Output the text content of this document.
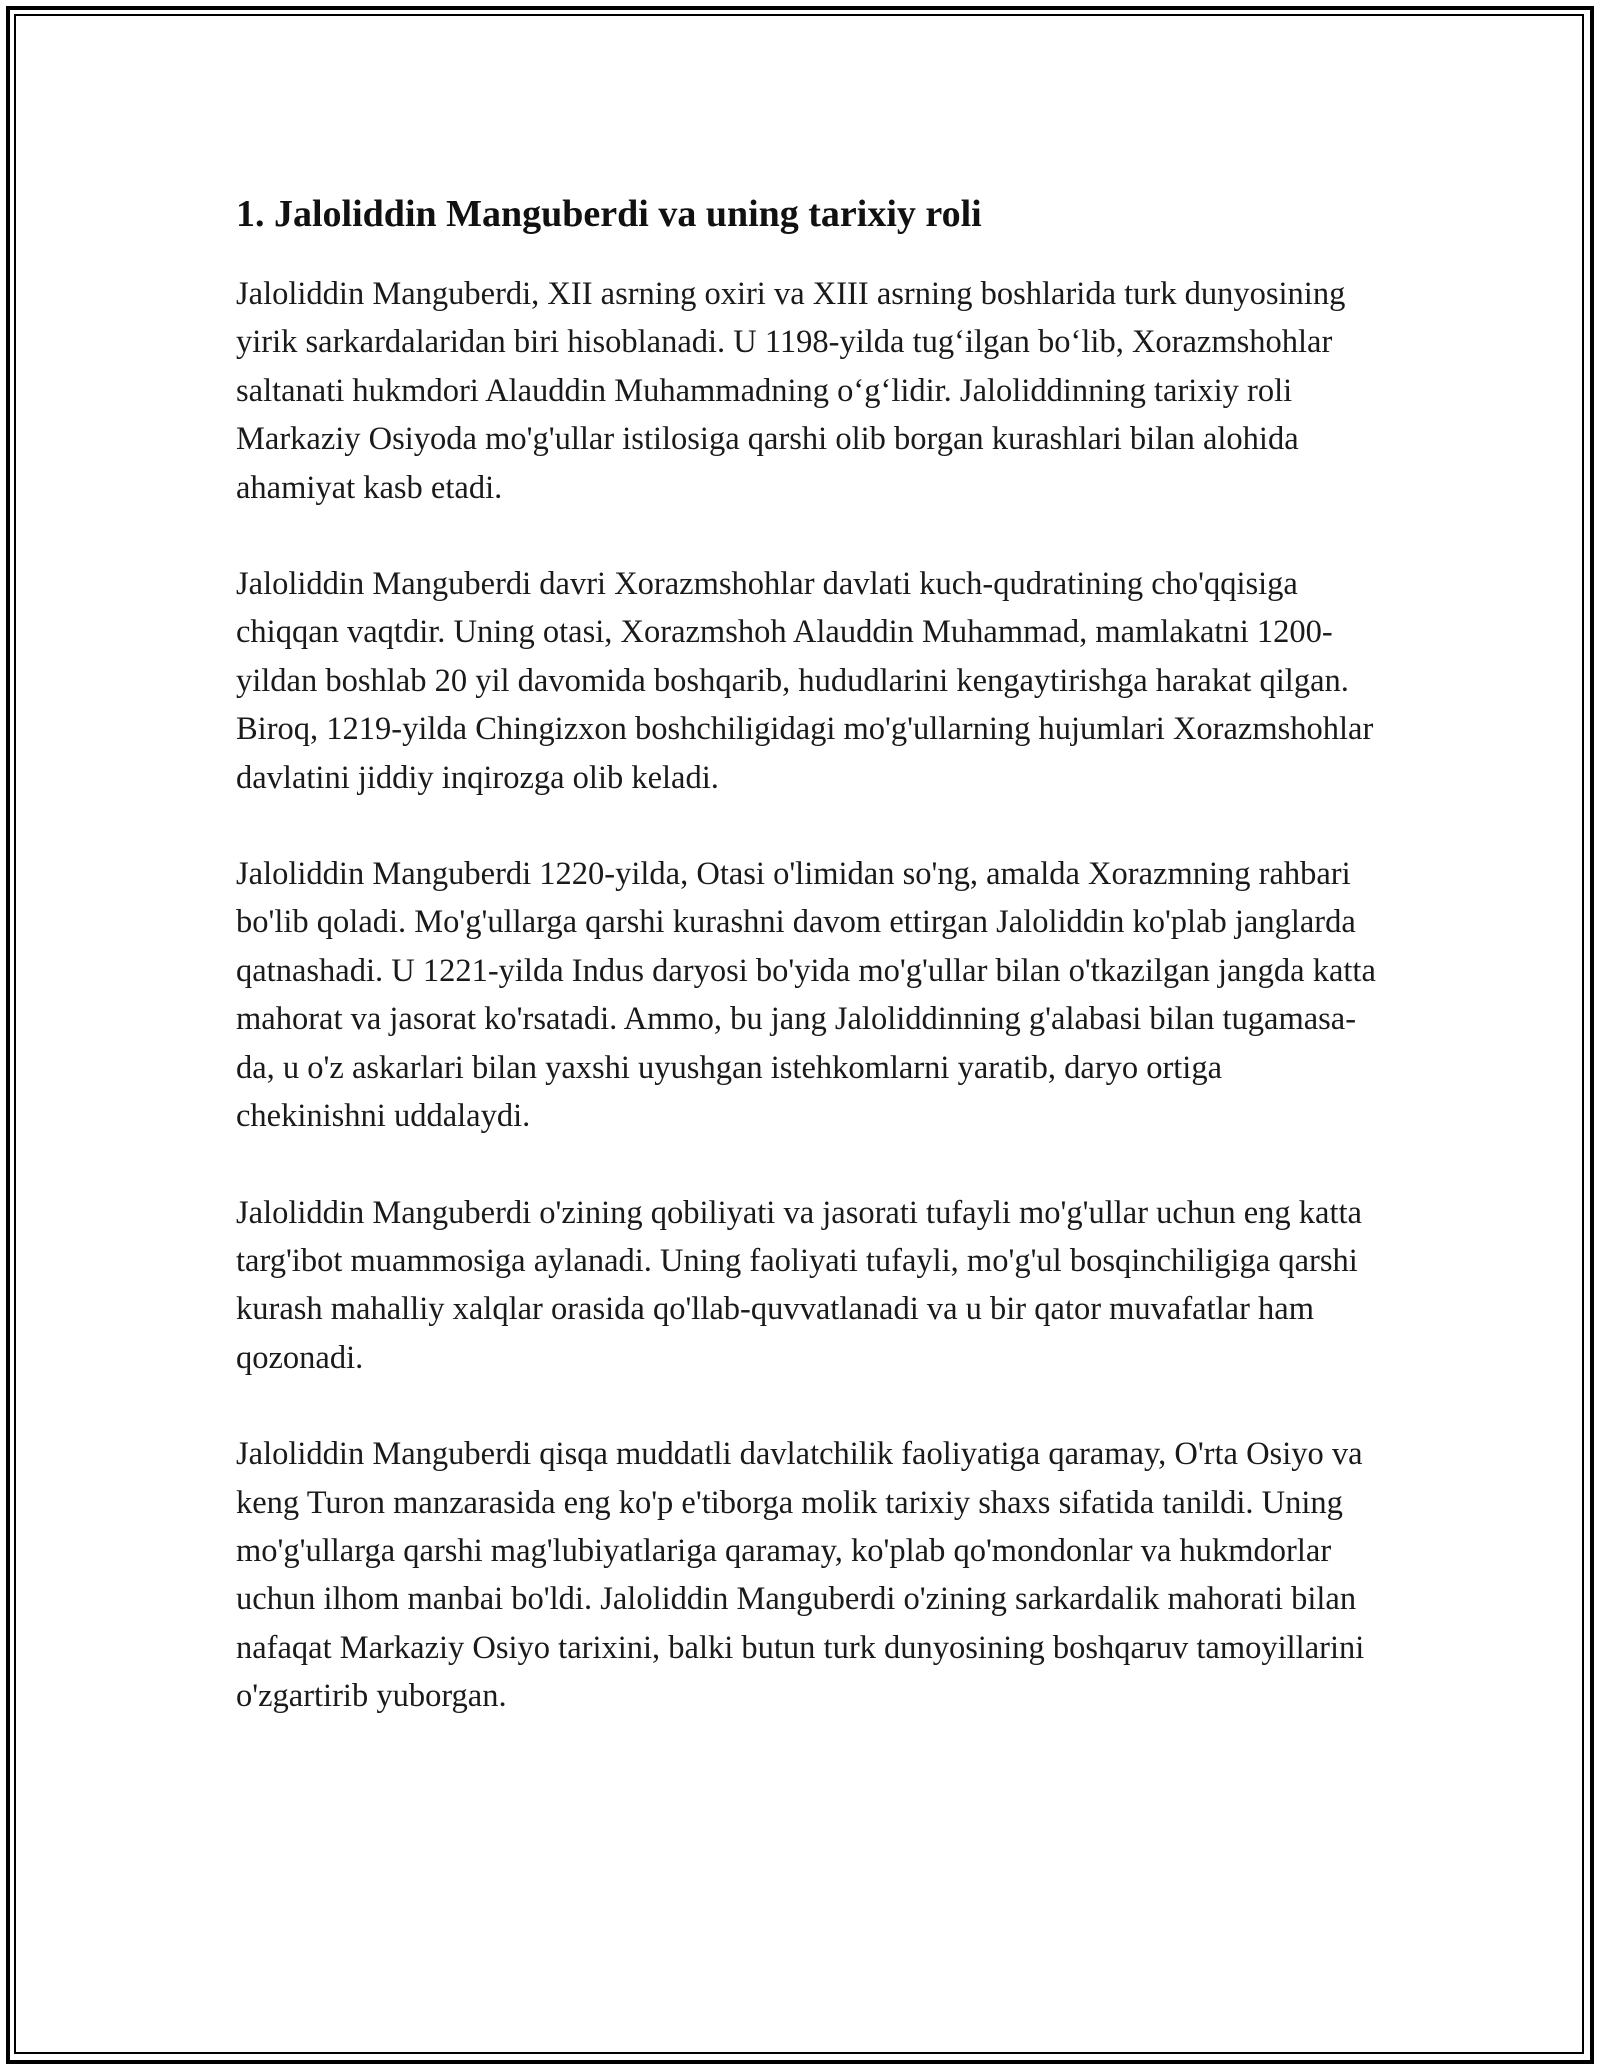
1. Jaloliddin Manguberdi va uning tarixiy roli

Jaloliddin Manguberdi, XII asrning oxiri va XIII asrning boshlarida turk dunyosining yirik sarkardalaridan biri hisoblanadi. U 1198-yilda tug‘ilgan bo‘lib, Xorazmshohlar saltanati hukmdori Alauddin Muhammadning o‘g‘lidir. Jaloliddinning tarixiy roli Markaziy Osiyoda mo'g'ullar istilosiga qarshi olib borgan kurashlari bilan alohida ahamiyat kasb etadi.

Jaloliddin Manguberdi davri Xorazmshohlar davlati kuch-qudratining cho'qqisiga chiqqan vaqtdir. Uning otasi, Xorazmshoh Alauddin Muhammad, mamlakatni 1200-yildan boshlab 20 yil davomida boshqarib, hududlarini kengaytirishga harakat qilgan. Biroq, 1219-yilda Chingizxon boshchiligidagi mo'g'ullarning hujumlari Xorazmshohlar davlatini jiddiy inqirozga olib keladi.

Jaloliddin Manguberdi 1220-yilda, Otasi o'limidan so'ng, amalda Xorazmning rahbari bo'lib qoladi. Mo'g'ullarga qarshi kurashni davom ettirgan Jaloliddin ko'plab janglarda qatnashadi. U 1221-yilda Indus daryosi bo'yida mo'g'ullar bilan o'tkazilgan jangda katta mahorat va jasorat ko'rsatadi. Ammo, bu jang Jaloliddinning g'alabasi bilan tugamasa-da, u o'z askarlari bilan yaxshi uyushgan istehkomlarni yaratib, daryo ortiga chekinishni uddalaydi.

Jaloliddin Manguberdi o'zining qobiliyati va jasorati tufayli mo'g'ullar uchun eng katta targ'ibot muammosiga aylanadi. Uning faoliyati tufayli, mo'g'ul bosqinchiligiga qarshi kurash mahalliy xalqlar orasida qo'llab-quvvatlanadi va u bir qator muvafatlar ham qozonadi.

Jaloliddin Manguberdi qisqa muddatli davlatchilik faoliyatiga qaramay, O'rta Osiyo va keng Turon manzarasida eng ko'p e'tiborga molik tarixiy shaxs sifatida tanildi. Uning mo'g'ullarga qarshi mag'lubiyatlariga qaramay, ko'plab qo'mondonlar va hukmdorlar uchun ilhom manbai bo'ldi. Jaloliddin Manguberdi o'zining sarkardalik mahorati bilan nafaqat Markaziy Osiyo tarixini, balki butun turk dunyosining boshqaruv tamoyillarini o'zgartirib yuborgan.
